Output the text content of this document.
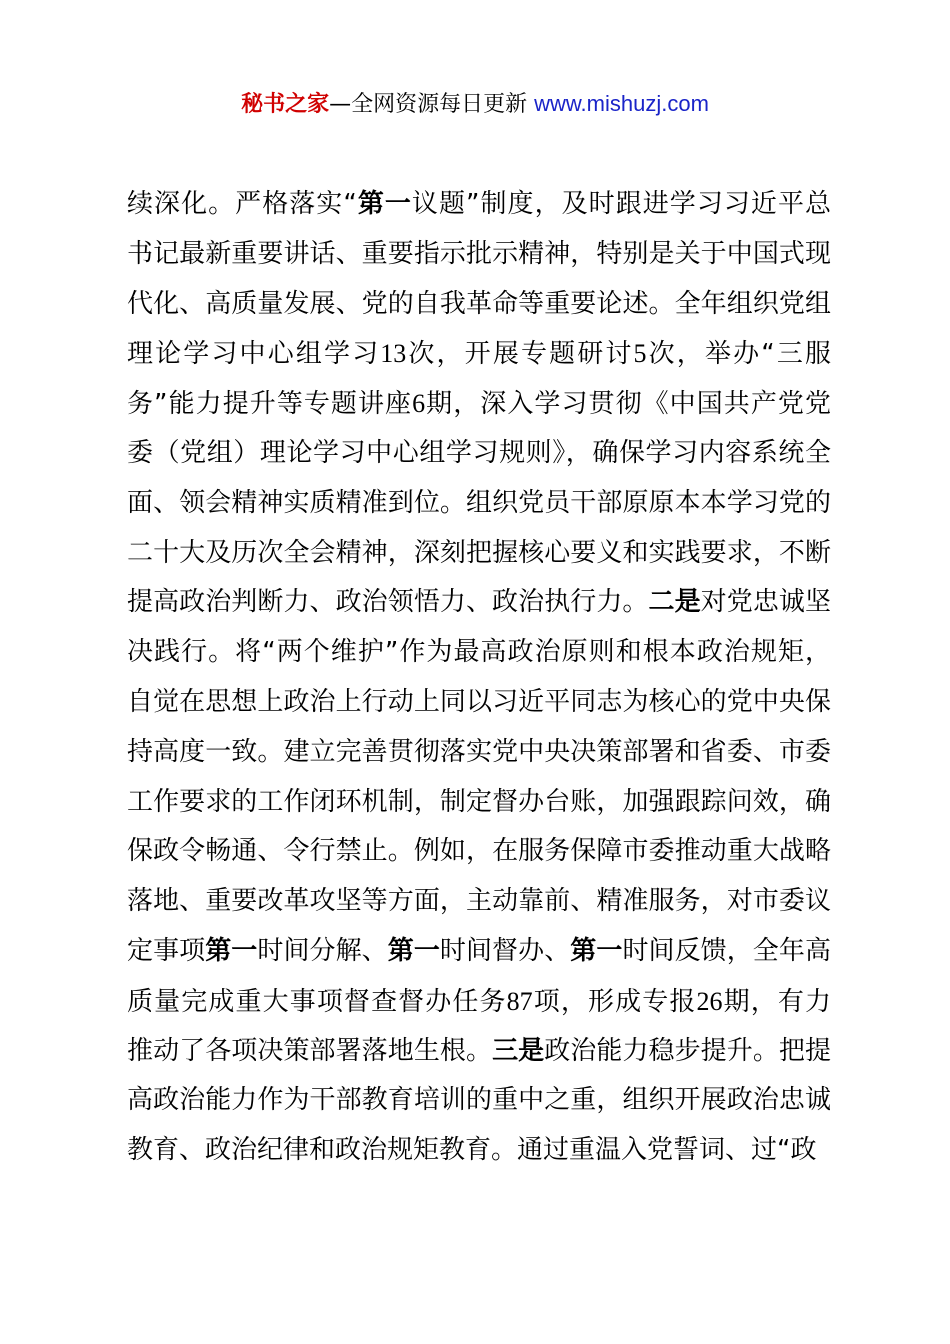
秘书之家—全网资源每日更新 www.mishuzj.com
续深化。严格落实“第一议题”制度，及时跟进学习习近平总
书记最新重要讲话、重要指示批示精神，特别是关于中国式现
代化、高质量发展、党的自我革命等重要论述。全年组织党组
理论学习中心组学习13次，开展专题研讨5次，举办“三服
务”能力提升等专题讲座6期，深入学习贯彻《中国共产党党
委（党组）理论学习中心组学习规则》，确保学习内容系统全
面、领会精神实质精准到位。组织党员干部原原本本学习党的
二十大及历次全会精神，深刻把握核心要义和实践要求，不断
提高政治判断力、政治领悟力、政治执行力。二是对党忠诚坚
决践行。将“两个维护”作为最高政治原则和根本政治规矩，
自觉在思想上政治上行动上同以习近平同志为核心的党中央保
持高度一致。建立完善贯彻落实党中央决策部署和省委、市委
工作要求的工作闭环机制，制定督办台账，加强跟踪问效，确
保政令畅通、令行禁止。例如，在服务保障市委推动重大战略
落地、重要改革攻坚等方面，主动靠前、精准服务，对市委议
定事项第一时间分解、第一时间督办、第一时间反馈，全年高
质量完成重大事项督查督办任务87项，形成专报26期，有力
推动了各项决策部署落地生根。三是政治能力稳步提升。把提
高政治能力作为干部教育培训的重中之重，组织开展政治忠诚
教育、政治纪律和政治规矩教育。通过重温入党誓词、过“政
